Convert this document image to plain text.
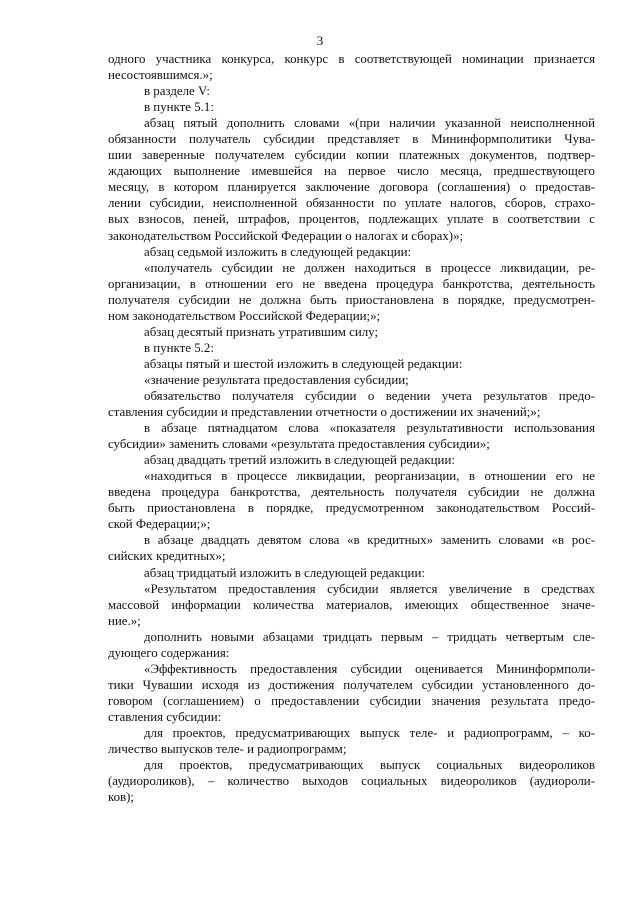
3
одного участника конкурса, конкурс в соответствующей номинации признается
несостоявшимся.»;
в разделе V:
в пункте 5.1:
абзац пятый дополнить словами «(при наличии указанной неисполненной
обязанности получатель субсидии представляет в Мининформполитики Чува-
шии заверенные получателем субсидии копии платежных документов, подтвер-
ждающих выполнение имевшейся на первое число месяца, предшествующего
месяцу, в котором планируется заключение договора (соглашения) о предостав-
лении субсидии, неисполненной обязанности по уплате налогов, сборов, страхо-
вых взносов, пеней, штрафов, процентов, подлежащих уплате в соответствии с
законодательством Российской Федерации о налогах и сборах)»;
абзац седьмой изложить в следующей редакции:
«получатель субсидии не должен находиться в процессе ликвидации, ре-
организации, в отношении его не введена процедура банкротства, деятельность
получателя субсидии не должна быть приостановлена в порядке, предусмотрен-
ном законодательством Российской Федерации;»;
абзац десятый признать утратившим силу;
в пункте 5.2:
абзацы пятый и шестой изложить в следующей редакции:
«значение результата предоставления субсидии;
обязательство получателя субсидии о ведении учета результатов предо-
ставления субсидии и представлении отчетности о достижении их значений;»;
в абзаце пятнадцатом слова «показателя результативности использования
субсидии» заменить словами «результата предоставления субсидии»;
абзац двадцать третий изложить в следующей редакции:
«находиться в процессе ликвидации, реорганизации, в отношении его не
введена процедура банкротства, деятельность получателя субсидии не должна
быть приостановлена в порядке, предусмотренном законодательством Россий-
ской Федерации;»;
в абзаце двадцать девятом слова «в кредитных» заменить словами «в рос-
сийских кредитных»;
абзац тридцатый изложить в следующей редакции:
«Результатом предоставления субсидии является увеличение в средствах
массовой информации количества материалов, имеющих общественное значе-
ние.»;
дополнить новыми абзацами тридцать первым – тридцать четвертым сле-
дующего содержания:
«Эффективность предоставления субсидии оценивается Мининформполи-
тики Чувашии исходя из достижения получателем субсидии установленного до-
говором (соглашением) о предоставлении субсидии значения результата предо-
ставления субсидии:
для проектов, предусматривающих выпуск теле- и радиопрограмм, – ко-
личество выпусков теле- и радиопрограмм;
для проектов, предусматривающих выпуск социальных видеороликов
(аудиороликов), – количество выходов социальных видеороликов (аудиороли-
ков);
